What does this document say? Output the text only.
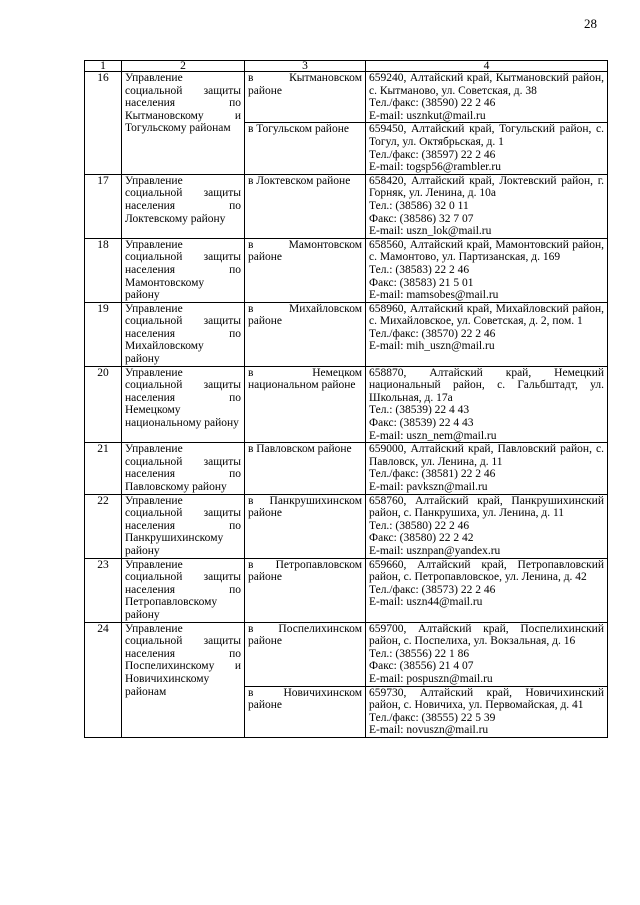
28
1	2	3	4
16	Управление социальной защиты населения по Кытмановскому и Тогульскому районам	в Кытмановском районе	659240, Алтайский край, Кытмановский район, с. Кытманово, ул. Советская, д. 38
Тел./факс: (38590) 22 2 46
E-mail: usznkut@mail.ru

		в Тогульском районе	659450, Алтайский край, Тогульский район, с. Тогул, ул. Октябрьская, д. 1
Тел./факс: (38597) 22 2 46
E-mail: togsp56@rambler.ru

17	Управление социальной защиты населения по Локтевскому району	в Локтевском районе	658420, Алтайский край, Локтевский район, г. Горняк, ул. Ленина, д. 10а
Тел.: (38586) 32 0 11
Факс: (38586) 32 7 07
E-mail: uszn_lok@mail.ru

18	Управление социальной защиты населения по Мамонтовскому району	в Мамонтовском районе	658560, Алтайский край, Мамонтовский район, с. Мамонтово, ул. Партизанская, д. 169
Тел.: (38583) 22 2 46
Факс: (38583) 21 5 01
E-mail: mamsobes@mail.ru

19	Управление социальной защиты населения по Михайловскому району	в Михайловском районе	658960, Алтайский край, Михайловский район, с. Михайловское, ул. Советская, д. 2, пом. 1
Тел./факс: (38570) 22 2 46
E-mail: mih_uszn@mail.ru

20	Управление социальной защиты населения по Немецкому национальному району	в Немецком национальном районе	658870, Алтайский край, Немецкий национальный район, с. Гальбштадт, ул. Школьная, д. 17а
Тел.: (38539) 22 4 43
Факс: (38539) 22 4 43
E-mail: uszn_nem@mail.ru

21	Управление социальной защиты населения по Павловскому району	в Павловском районе	659000, Алтайский край, Павловский район, с. Павловск, ул. Ленина, д. 11
Тел./факс: (38581) 22 2 46
E-mail: pavkszn@mail.ru

22	Управление социальной защиты населения по Панкрушихинскому району	в Панкрушихинском районе	658760, Алтайский край, Панкрушихинский район, с. Панкрушиха, ул. Ленина, д. 11
Тел.: (38580) 22 2 46
Факс: (38580) 22 2 42
E-mail: usznpan@yandex.ru

23	Управление социальной защиты населения по Петропавловскому району	в Петропавловском районе	659660, Алтайский край, Петропавловский район, с. Петропавловское, ул. Ленина, д. 42
Тел./факс: (38573) 22 2 46
E-mail: uszn44@mail.ru

24	Управление социальной защиты населения по Поспелихинскому и Новичихинскому районам	в Поспелихинском районе	659700, Алтайский край, Поспелихинский район, с. Поспелиха, ул. Вокзальная, д. 16
Тел.: (38556) 22 1 86
Факс: (38556) 21 4 07
E-mail: pospuszn@mail.ru

		в Новичихинском районе	659730, Алтайский край, Новичихинский район, с. Новичиха, ул. Первомайская, д. 41
Тел./факс: (38555) 22 5 39
E-mail: novuszn@mail.ru
